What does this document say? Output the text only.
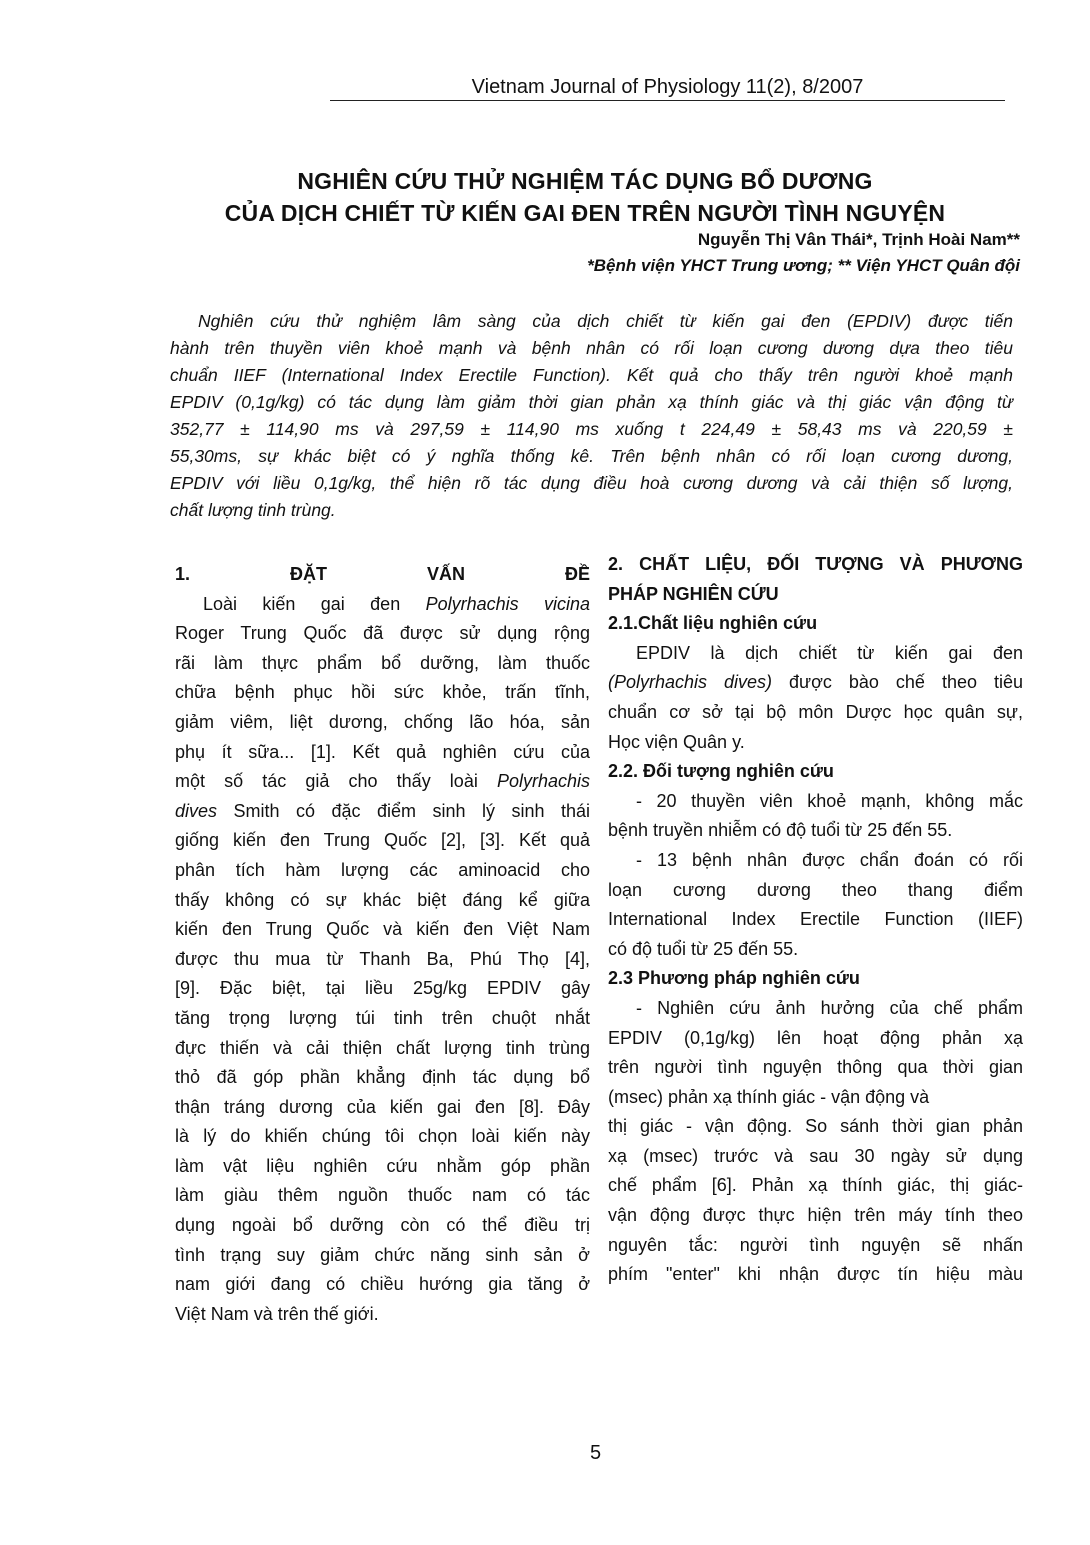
Vietnam Journal of Physiology 11(2), 8/2007
NGHIÊN CỨU THỬ NGHIỆM TÁC DỤNG BỔ DƯƠNG
CỦA DỊCH CHIẾT TỪ KIẾN GAI ĐEN TRÊN NGƯỜI TÌNH NGUYỆN
Nguyễn Thị Vân Thái*, Trịnh Hoài Nam**
*Bệnh viện YHCT Trung ương; ** Viện YHCT Quân đội
Nghiên cứu thử nghiệm lâm sàng của dịch chiết từ kiến gai đen (EPDIV) được tiến
hành trên thuyền viên khoẻ mạnh và bệnh nhân có rối loạn cương dương dựa theo tiêu
chuẩn IIEF (International Index Erectile Function). Kết quả cho thấy trên người khoẻ mạnh
EPDIV (0,1g/kg) có tác dụng làm giảm thời gian phản xạ thính giác và thị giác vận động từ
352,77 ± 114,90 ms và 297,59 ± 114,90 ms xuống t 224,49 ± 58,43 ms và 220,59 ±
55,30ms, sự khác biệt có ý nghĩa thống kê. Trên bệnh nhân có rối loạn cương dương,
EPDIV với liều 0,1g/kg, thể hiện rõ tác dụng điều hoà cương dương và cải thiện số lượng,
chất lượng tinh trùng.
1. ĐẶT VẤN ĐỀ
Loài kiến gai đen Polyrhachis vicina
Roger Trung Quốc đã được sử dụng rộng
rãi làm thực phẩm bổ dưỡng, làm thuốc
chữa bệnh phục hồi sức khỏe, trấn tĩnh,
giảm viêm, liệt dương, chống lão hóa, sản
phụ ít sữa... [1]. Kết quả nghiên cứu của
một số tác giả cho thấy loài Polyrhachis
dives Smith có đặc điểm sinh lý sinh thái
giống kiến đen Trung Quốc [2], [3]. Kết quả
phân tích hàm lượng các aminoacid cho
thấy không có sự khác biệt đáng kể giữa
kiến đen Trung Quốc và kiến đen Việt Nam
được thu mua từ Thanh Ba, Phú Thọ [4],
[9]. Đặc biệt, tại liều 25g/kg EPDIV gây
tăng trọng lượng túi tinh trên chuột nhắt
đực thiến và cải thiện chất lượng tinh trùng
thỏ đã góp phần khẳng định tác dụng bổ
thận tráng dương của kiến gai đen [8]. Đây
là lý do khiến chúng tôi chọn loài kiến này
làm vật liệu nghiên cứu nhằm góp phần
làm giàu thêm nguồn thuốc nam có tác
dụng ngoài bổ dưỡng còn có thể điều trị
tình trạng suy giảm chức năng sinh sản ở
nam giới đang có chiều hướng gia tăng ở
Việt Nam và trên thế giới.
2. CHẤT LIỆU, ĐỐI TƯỢNG VÀ PHƯƠNG
PHÁP NGHIÊN CỨU
2.1.Chất liệu nghiên cứu
EPDIV là dịch chiết từ kiến gai đen
(Polyrhachis dives) được bào chế theo tiêu
chuẩn cơ sở tại bộ môn Dược học quân sự,
Học viện Quân y.
2.2. Đối tượng nghiên cứu
- 20 thuyền viên khoẻ mạnh, không mắc
bệnh truyền nhiễm có độ tuổi từ 25 đến 55.
- 13 bệnh nhân được chẩn đoán có rối
loạn cương dương theo thang điểm
International Index Erectile Function (IIEF)
có độ tuổi từ 25 đến 55.
2.3 Phương pháp nghiên cứu
- Nghiên cứu ảnh hưởng của chế phẩm
EPDIV (0,1g/kg) lên hoạt động phản xạ
trên người tình nguyện thông qua thời gian
(msec) phản xạ thính giác - vận động và
thị giác - vận động. So sánh thời gian phản
xạ (msec) trước và sau 30 ngày sử dụng
chế phẩm [6]. Phản xạ thính giác, thị giác-
vận động được thực hiện trên máy tính theo
nguyên tắc: người tình nguyện sẽ nhấn
phím "enter" khi nhận được tín hiệu màu
5
